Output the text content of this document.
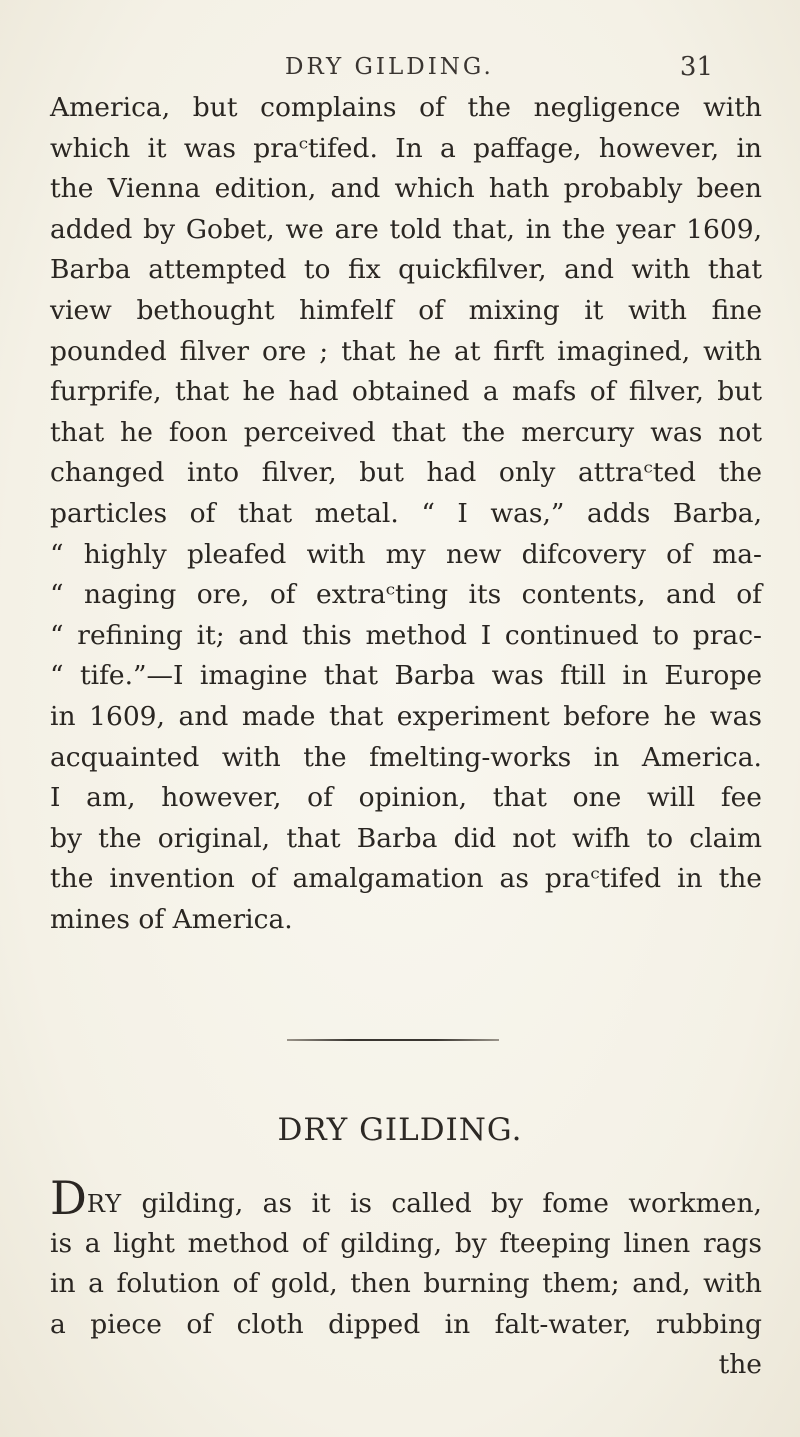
DRY GILDING.	31
America, but complains of the negligence with
which it was praᶜtifed. In a paffage, however, in
the Vienna edition, and which hath probably been
added by Gobet, we are told that, in the year 1609,
Barba attempted to fix quickfilver, and with that
view bethought himfelf of mixing it with fine
pounded filver ore ; that he at firft imagined, with
furprife, that he had obtained a mafs of filver, but
that he foon perceived that the mercury was not
changed into filver, but had only attraᶜted the
particles of that metal. “ I was,” adds Barba,
“ highly pleafed with my new difcovery of ma-
“ naging ore, of extraᶜting its contents, and of
“ refining it; and this method I continued to prac-
“ tife.”—I imagine that Barba was ftill in Europe
in 1609, and made that experiment before he was
acquainted with the fmelting-works in America.
I am, however, of opinion, that one will fee
by the original, that Barba did not wifh to claim
the invention of amalgamation as praᶜtifed in the
mines of America.
DRY GILDING.
DRY gilding, as it is called by fome workmen,
is a light method of gilding, by fteeping linen rags
in a folution of gold, then burning them; and, with
a piece of cloth dipped in falt-water, rubbing
the
